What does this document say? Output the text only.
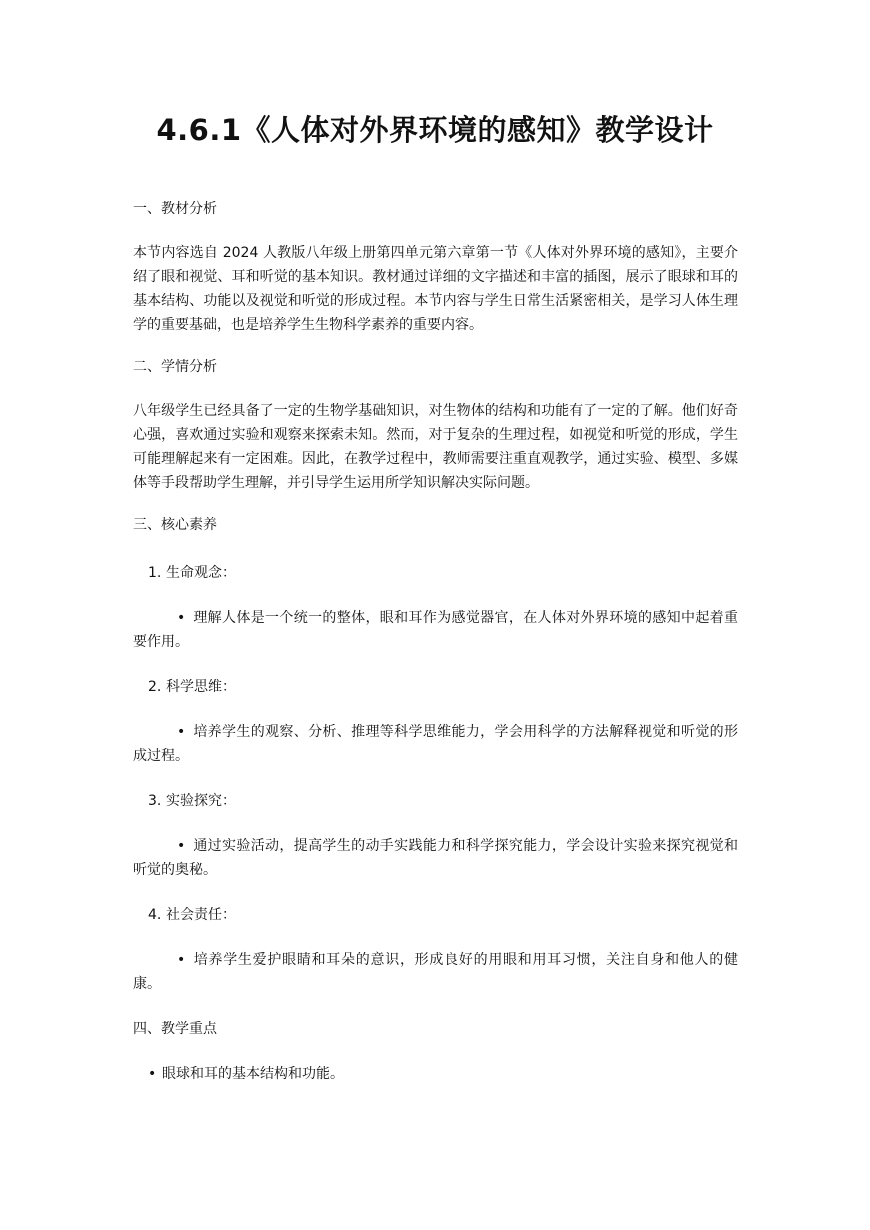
4.6.1《人体对外界环境的感知》教学设计

一、教材分析

本节内容选自 2024 人教版八年级上册第四单元第六章第一节《人体对外界环境的感知》，主要介绍了眼和视觉、耳和听觉的基本知识。教材通过详细的文字描述和丰富的插图，展示了眼球和耳的基本结构、功能以及视觉和听觉的形成过程。本节内容与学生日常生活紧密相关，是学习人体生理学的重要基础，也是培养学生生物科学素养的重要内容。

二、学情分析

八年级学生已经具备了一定的生物学基础知识，对生物体的结构和功能有了一定的了解。他们好奇心强，喜欢通过实验和观察来探索未知。然而，对于复杂的生理过程，如视觉和听觉的形成，学生可能理解起来有一定困难。因此，在教学过程中，教师需要注重直观教学，通过实验、模型、多媒体等手段帮助学生理解，并引导学生运用所学知识解决实际问题。

三、核心素养

1. 生命观念：

• 理解人体是一个统一的整体，眼和耳作为感觉器官，在人体对外界环境的感知中起着重要作用。

2. 科学思维：

• 培养学生的观察、分析、推理等科学思维能力，学会用科学的方法解释视觉和听觉的形成过程。

3. 实验探究：

• 通过实验活动，提高学生的动手实践能力和科学探究能力，学会设计实验来探究视觉和听觉的奥秘。

4. 社会责任：

• 培养学生爱护眼睛和耳朵的意识，形成良好的用眼和用耳习惯，关注自身和他人的健康。

四、教学重点

• 眼球和耳的基本结构和功能。
